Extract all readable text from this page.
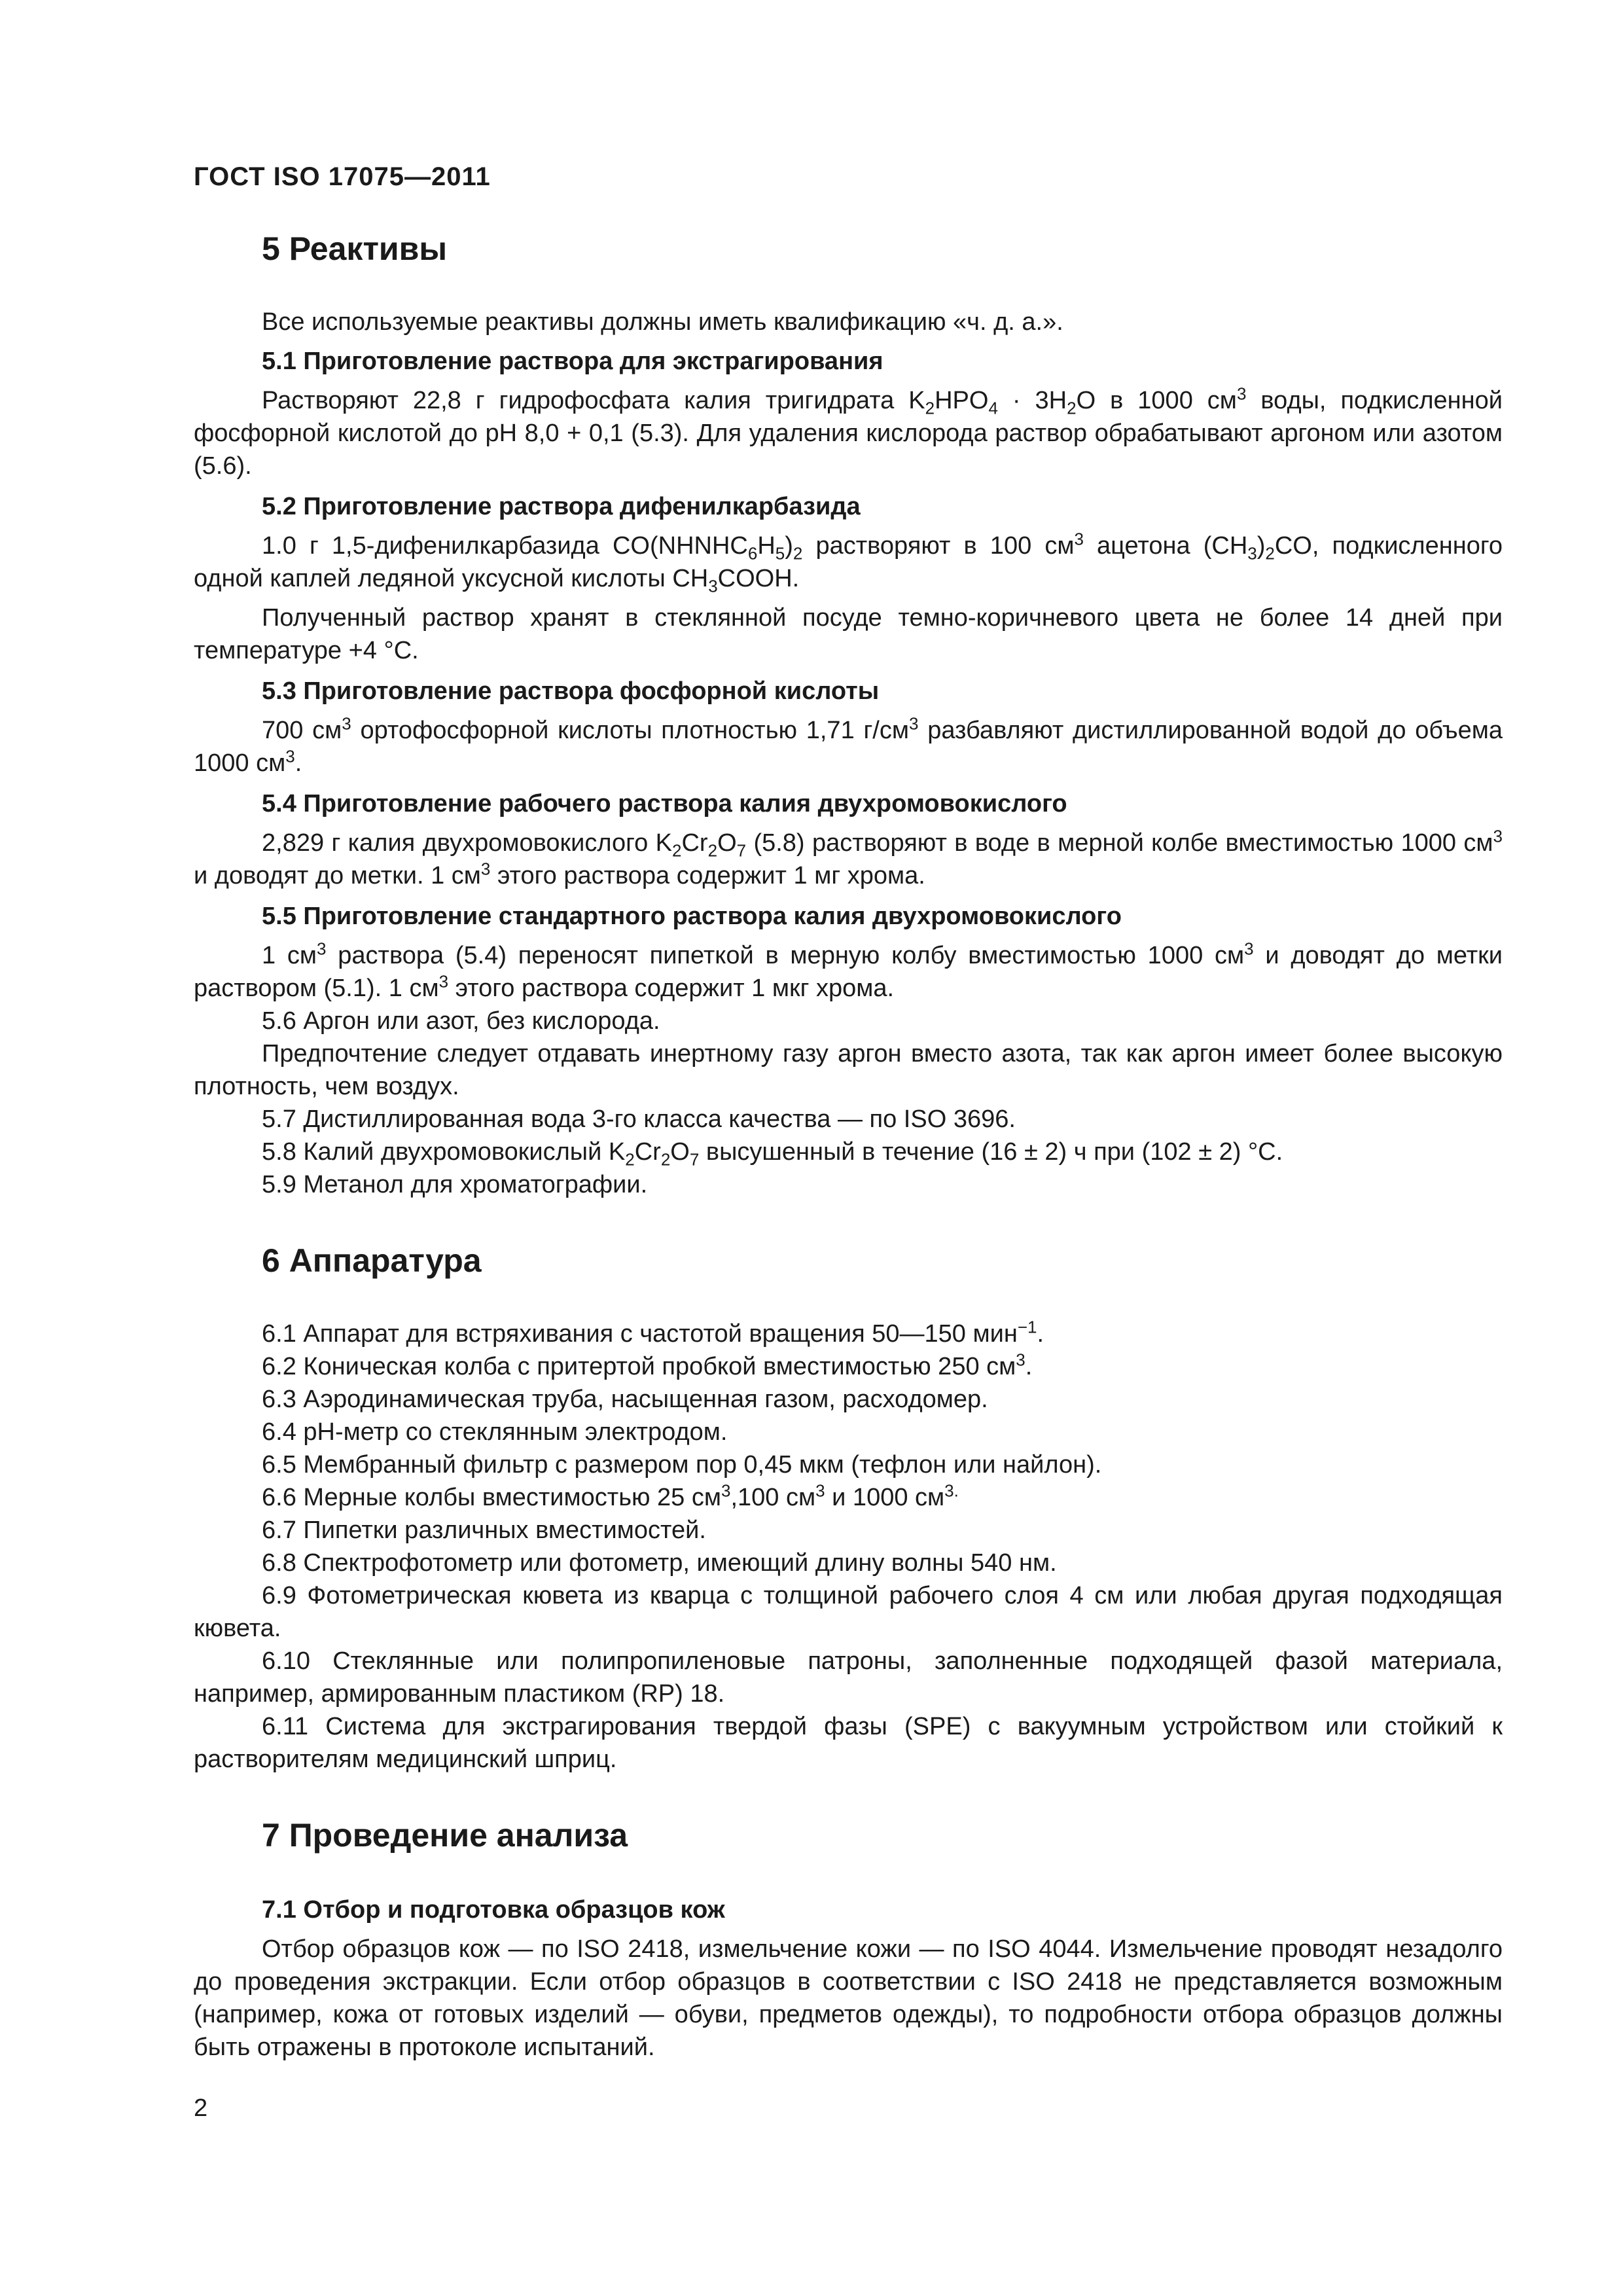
ГОСТ ISO 17075—2011
5 Реактивы
Все используемые реактивы должны иметь квалификацию «ч. д. а.».
5.1 Приготовление раствора для экстрагирования
Растворяют 22,8 г гидрофосфата калия тригидрата $K_2HPO_4 \cdot 3H_2O$ в 1000 $см^3$ воды, подкисленной фосфорной кислотой до рН 8,0 + 0,1 (5.3). Для удаления кислорода раствор обрабатывают аргоном или азотом (5.6).
5.2 Приготовление раствора дифенилкарбазида
1.0 г 1,5-дифенилкарбазида $CO(NHNHC_6H_5)_2$ растворяют в 100 $см^3$ ацетона $(CH_3)_2CO$, подкисленного одной каплей ледяной уксусной кислоты $CH_3COOH$.
Полученный раствор хранят в стеклянной посуде темно-коричневого цвета не более 14 дней при температуре +4 °С.
5.3 Приготовление раствора фосфорной кислоты
700 $см^3$ ортофосфорной кислоты плотностью 1,71 $г/см^3$ разбавляют дистиллированной водой до объема 1000 $см^3$.
5.4 Приготовление рабочего раствора калия двухромовокислого
2,829 г калия двухромовокислого $K_2Cr_2O_7$ (5.8) растворяют в воде в мерной колбе вместимостью 1000 $см^3$ и доводят до метки. 1 $см^3$ этого раствора содержит 1 мг хрома.
5.5 Приготовление стандартного раствора калия двухромовокислого
1 $см^3$ раствора (5.4) переносят пипеткой в мерную колбу вместимостью 1000 $см^3$ и доводят до метки раствором (5.1). 1 $см^3$ этого раствора содержит 1 мкг хрома.
5.6 Аргон или азот, без кислорода.
Предпочтение следует отдавать инертному газу аргон вместо азота, так как аргон имеет более высокую плотность, чем воздух.
5.7 Дистиллированная вода 3-го класса качества — по ISO 3696.
5.8 Калий двухромовокислый $K_2Cr_2O_7$ высушенный в течение (16 ± 2) ч при (102 ± 2) °С.
5.9 Метанол для хроматографии.
6 Аппаратура
6.1 Аппарат для встряхивания с частотой вращения 50—150 мин$^{-1}$.
6.2 Коническая колба с притертой пробкой вместимостью 250 $см^3$.
6.3 Аэродинамическая труба, насыщенная газом, расходомер.
6.4 рН-метр со стеклянным электродом.
6.5 Мембранный фильтр с размером пор 0,45 мкм (тефлон или найлон).
6.6 Мерные колбы вместимостью 25 $см^3,100$ $см^3$ и 1000 $см^{3.}$
6.7 Пипетки различных вместимостей.
6.8 Спектрофотометр или фотометр, имеющий длину волны 540 нм.
6.9 Фотометрическая кювета из кварца с толщиной рабочего слоя 4 см или любая другая подходящая кювета.
6.10 Стеклянные или полипропиленовые патроны, заполненные подходящей фазой материала, например, армированным пластиком (RP) 18.
6.11 Система для экстрагирования твердой фазы (SPE) с вакуумным устройством или стойкий к растворителям медицинский шприц.
7 Проведение анализа
7.1 Отбор и подготовка образцов кож
Отбор образцов кож — по ISO 2418, измельчение кожи — по ISO 4044. Измельчение проводят незадолго до проведения экстракции. Если отбор образцов в соответствии с ISO 2418 не представляется возможным (например, кожа от готовых изделий — обуви, предметов одежды), то подробности отбора образцов должны быть отражены в протоколе испытаний.
2
